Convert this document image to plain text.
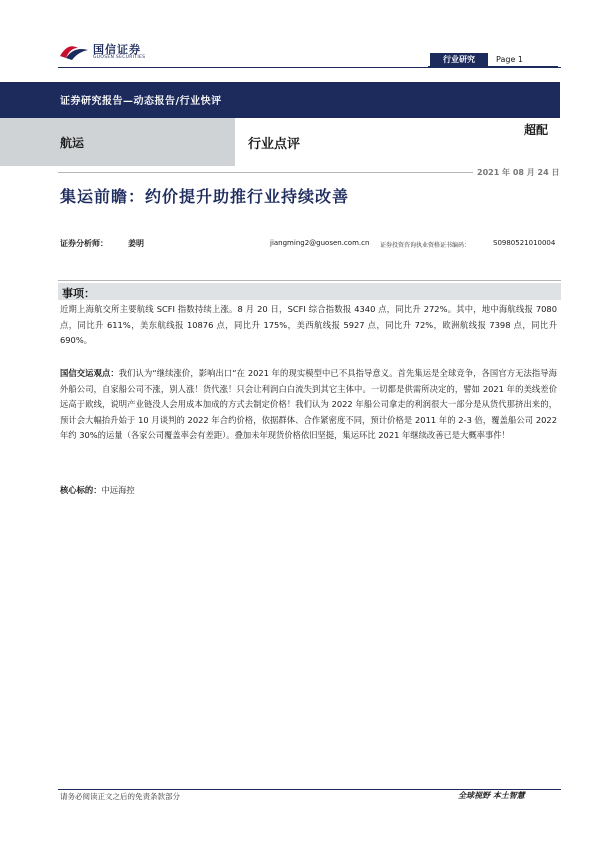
国信证券
GUOSEN SECURITIES	行业研究	Page 1
证券研究报告—动态报告/行业快评
航运	行业点评
超配
2021 年 08 月 24 日
集运前瞻：约价提升助推行业持续改善
证券分析师：	姜明	jiangming2@guosen.com.cn 证券投资咨询执业资格证书编码：	S0980521010004
事项：
近期上海航交所主要航线 SCFI 指数持续上涨。8 月 20 日，SCFI 综合指数报 4340 点，同比升 272%。其中，地中海航线报 7080 点，同比升 611%，美东航线报 10876 点，同比升 175%，美西航线报 5927 点，同比升 72%，欧洲航线报 7398 点，同比升 690%。
国信交运观点：我们认为“继续涨价，影响出口“在 2021 年的现实模型中已不具指导意义。首先集运是全球竞争，各国官方无法指导海外船公司，自家船公司不涨，别人涨！货代涨！只会让利润白白流失到其它主体中。一切都是供需所决定的，譬如 2021 年的美线差价远高于欧线，说明产业链没人会用成本加成的方式去制定价格！我们认为 2022 年船公司拿走的利润很大一部分是从货代那挤出来的，预计会大幅抬升始于 10 月谈判的 2022 年合约价格，依据群体、合作紧密度不同，预计价格是 2011 年的 2-3 倍，覆盖船公司 2022 年约 30%的运量（各家公司覆盖率会有差距）。叠加未年现货价格依旧坚挺，集运环比 2021 年继续改善已是大概率事件！
核心标的：中远海控
请务必阅读正文之后的免责条款部分	全球视野 本土智慧
